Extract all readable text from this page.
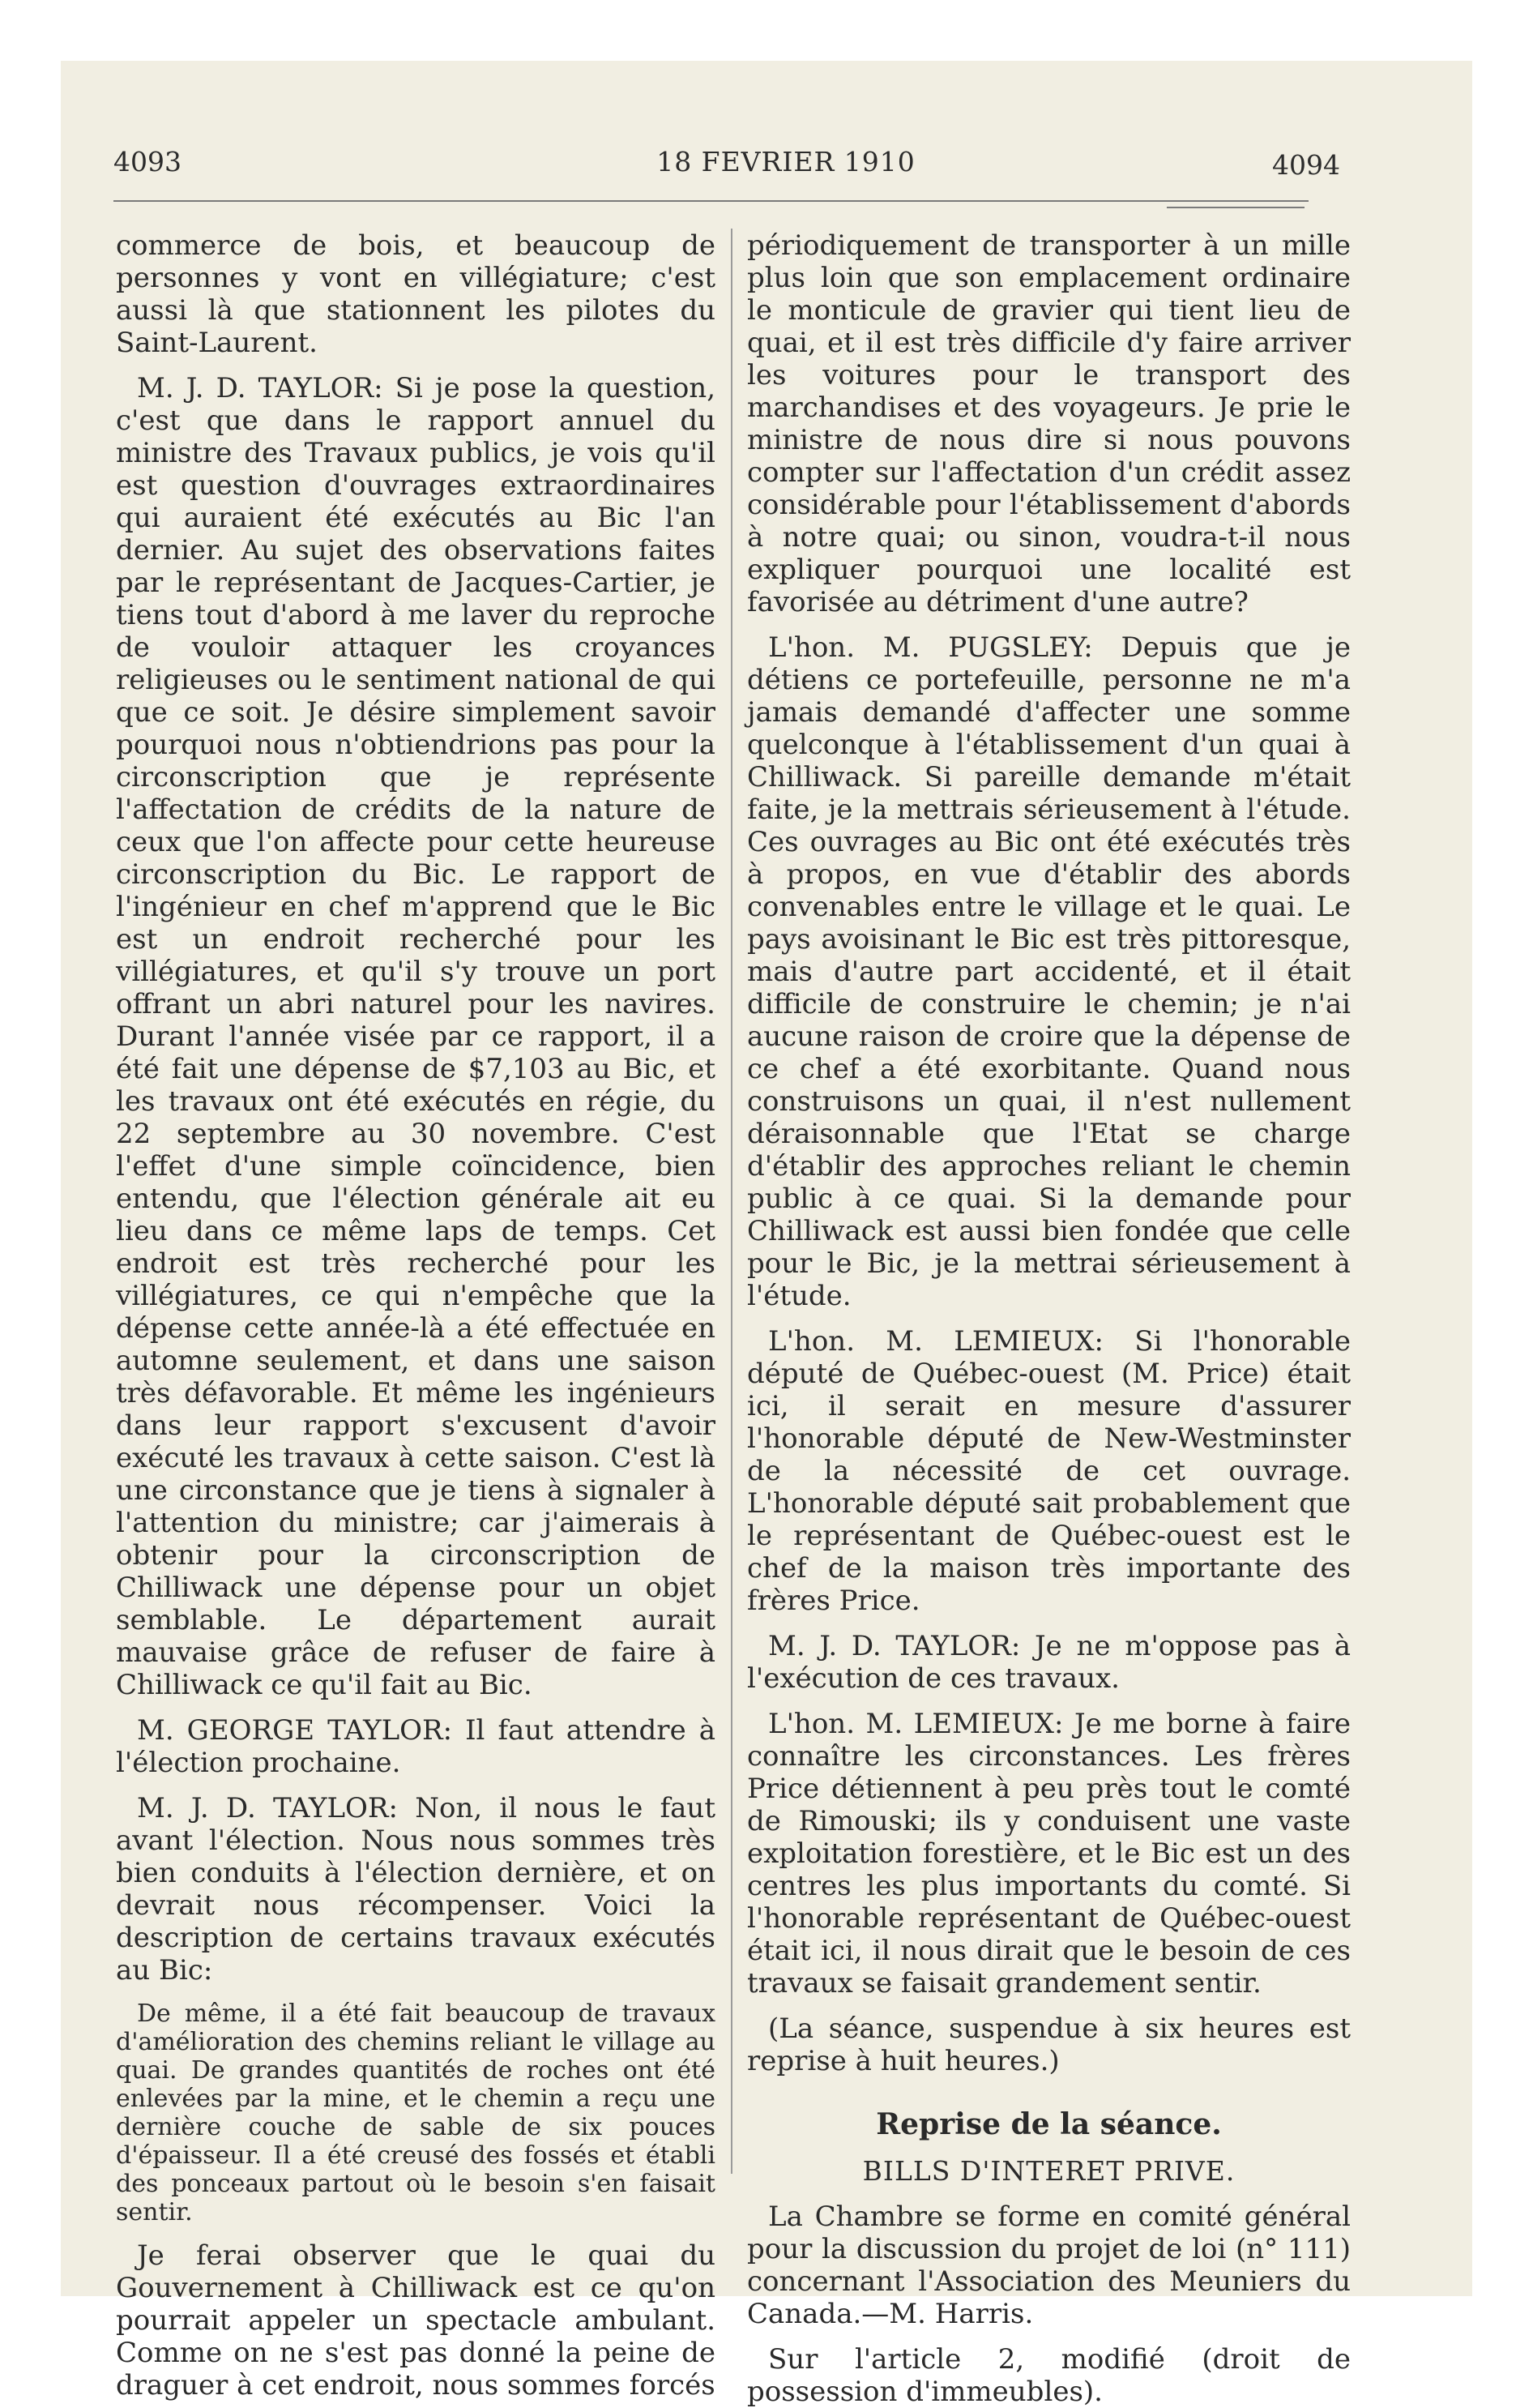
4093	18 FEVRIER 1910	4094

commerce de bois, et beaucoup de personnes y vont en villégiature; c'est aussi là que stationnent les pilotes du Saint-Laurent.

M. J. D. TAYLOR: Si je pose la question, c'est que dans le rapport annuel du ministre des Travaux publics, je vois qu'il est question d'ouvrages extraordinaires qui auraient été exécutés au Bic l'an dernier. Au sujet des observations faites par le représentant de Jacques-Cartier, je tiens tout d'abord à me laver du reproche de vouloir attaquer les croyances religieuses ou le sentiment national de qui que ce soit. Je désire simplement savoir pourquoi nous n'obtiendrions pas pour la circonscription que je représente l'affectation de crédits de la nature de ceux que l'on affecte pour cette heureuse circonscription du Bic. Le rapport de l'ingénieur en chef m'apprend que le Bic est un endroit recherché pour les villégiatures, et qu'il s'y trouve un port offrant un abri naturel pour les navires. Durant l'année visée par ce rapport, il a été fait une dépense de $7,103 au Bic, et les travaux ont été exécutés en régie, du 22 septembre au 30 novembre. C'est l'effet d'une simple coïncidence, bien entendu, que l'élection générale ait eu lieu dans ce même laps de temps. Cet endroit est très recherché pour les villégiatures, ce qui n'empêche que la dépense cette année-là a été effectuée en automne seulement, et dans une saison très défavorable. Et même les ingénieurs dans leur rapport s'excusent d'avoir exécuté les travaux à cette saison. C'est là une circonstance que je tiens à signaler à l'attention du ministre; car j'aimerais à obtenir pour la circonscription de Chilliwack une dépense pour un objet semblable. Le département aurait mauvaise grâce de refuser de faire à Chilliwack ce qu'il fait au Bic.

M. GEORGE TAYLOR: Il faut attendre à l'élection prochaine.

M. J. D. TAYLOR: Non, il nous le faut avant l'élection. Nous nous sommes très bien conduits à l'élection dernière, et on devrait nous récompenser. Voici la description de certains travaux exécutés au Bic:

De même, il a été fait beaucoup de travaux d'amélioration des chemins reliant le village au quai. De grandes quantités de roches ont été enlevées par la mine, et le chemin a reçu une dernière couche de sable de six pouces d'épaisseur. Il a été creusé des fossés et établi des ponceaux partout où le besoin s'en faisait sentir.

Je ferai observer que le quai du Gouvernement à Chilliwack est ce qu'on pourrait appeler un spectacle ambulant. Comme on ne s'est pas donné la peine de draguer à cet endroit, nous sommes forcés

périodiquement de transporter à un mille plus loin que son emplacement ordinaire le monticule de gravier qui tient lieu de quai, et il est très difficile d'y faire arriver les voitures pour le transport des marchandises et des voyageurs. Je prie le ministre de nous dire si nous pouvons compter sur l'affectation d'un crédit assez considérable pour l'établissement d'abords à notre quai; ou sinon, voudra-t-il nous expliquer pourquoi une localité est favorisée au détriment d'une autre?

L'hon. M. PUGSLEY: Depuis que je détiens ce portefeuille, personne ne m'a jamais demandé d'affecter une somme quelconque à l'établissement d'un quai à Chilliwack. Si pareille demande m'était faite, je la mettrais sérieusement à l'étude. Ces ouvrages au Bic ont été exécutés très à propos, en vue d'établir des abords convenables entre le village et le quai. Le pays avoisinant le Bic est très pittoresque, mais d'autre part accidenté, et il était difficile de construire le chemin; je n'ai aucune raison de croire que la dépense de ce chef a été exorbitante. Quand nous construisons un quai, il n'est nullement déraisonnable que l'Etat se charge d'établir des approches reliant le chemin public à ce quai. Si la demande pour Chilliwack est aussi bien fondée que celle pour le Bic, je la mettrai sérieusement à l'étude.

L'hon. M. LEMIEUX: Si l'honorable député de Québec-ouest (M. Price) était ici, il serait en mesure d'assurer l'honorable député de New-Westminster de la nécessité de cet ouvrage. L'honorable député sait probablement que le représentant de Québec-ouest est le chef de la maison très importante des frères Price.

M. J. D. TAYLOR: Je ne m'oppose pas à l'exécution de ces travaux.

L'hon. M. LEMIEUX: Je me borne à faire connaître les circonstances. Les frères Price détiennent à peu près tout le comté de Rimouski; ils y conduisent une vaste exploitation forestière, et le Bic est un des centres les plus importants du comté. Si l'honorable représentant de Québec-ouest était ici, il nous dirait que le besoin de ces travaux se faisait grandement sentir.

(La séance, suspendue à six heures est reprise à huit heures.)

Reprise de la séance.

BILLS D'INTERET PRIVE.

La Chambre se forme en comité général pour la discussion du projet de loi (n° 111) concernant l'Association des Meuniers du Canada.—M. Harris.

Sur l'article 2, modifié (droit de possession d'immeubles).
